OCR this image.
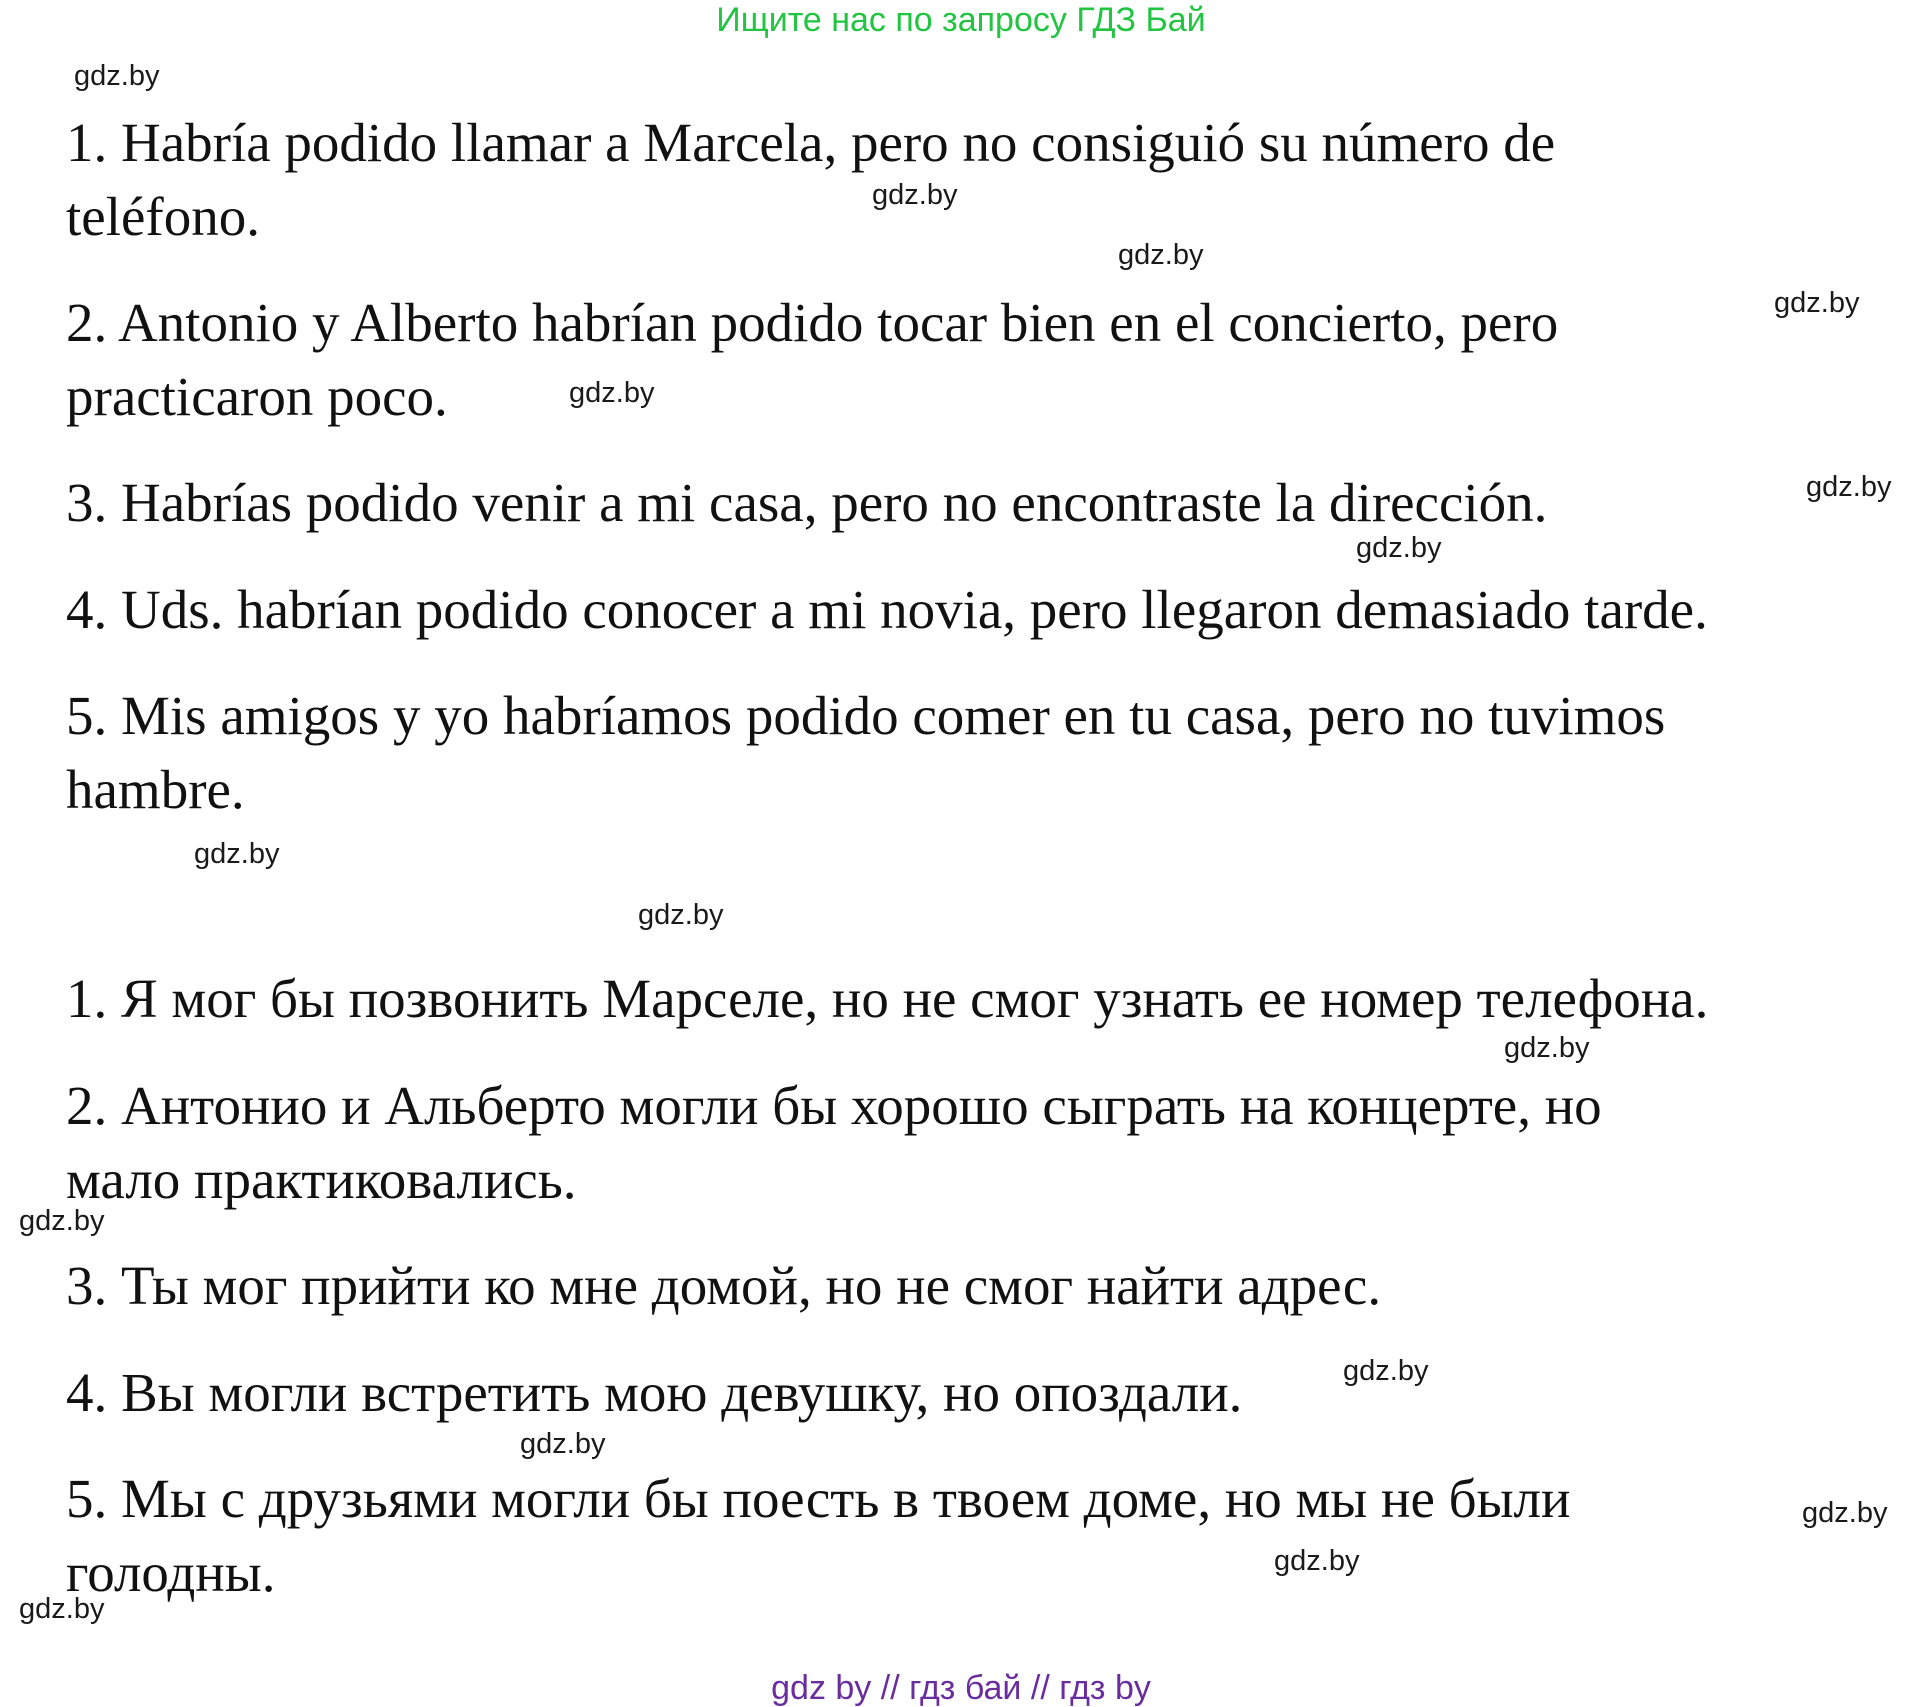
Ищите нас по запросу ГДЗ Бай
1. Habría podido llamar a Marcela, pero no consiguió su número de
teléfono.
2. Antonio y Alberto habrían podido tocar bien en el concierto, pero
practicaron poco.
3. Habrías podido venir a mi casa, pero no encontraste la dirección.
4. Uds. habrían podido conocer a mi novia, pero llegaron demasiado tarde.
5. Mis amigos y yo habríamos podido comer en tu casa, pero no tuvimos
hambre.
1. Я мог бы позвонить Марселе, но не смог узнать ее номер телефона.
2. Антонио и Альберто могли бы хорошо сыграть на концерте, но
мало практиковались.
3. Ты мог прийти ко мне домой, но не смог найти адрес.
4. Вы могли встретить мою девушку, но опоздали.
5. Мы с друзьями могли бы поесть в твоем доме, но мы не были
голодны.
gdz.by
gdz.by
gdz.by
gdz.by
gdz.by
gdz.by
gdz.by
gdz.by
gdz.by
gdz.by
gdz.by
gdz.by
gdz.by
gdz.by
gdz.by
gdz.by
gdz by // гдз бай // гдз by
